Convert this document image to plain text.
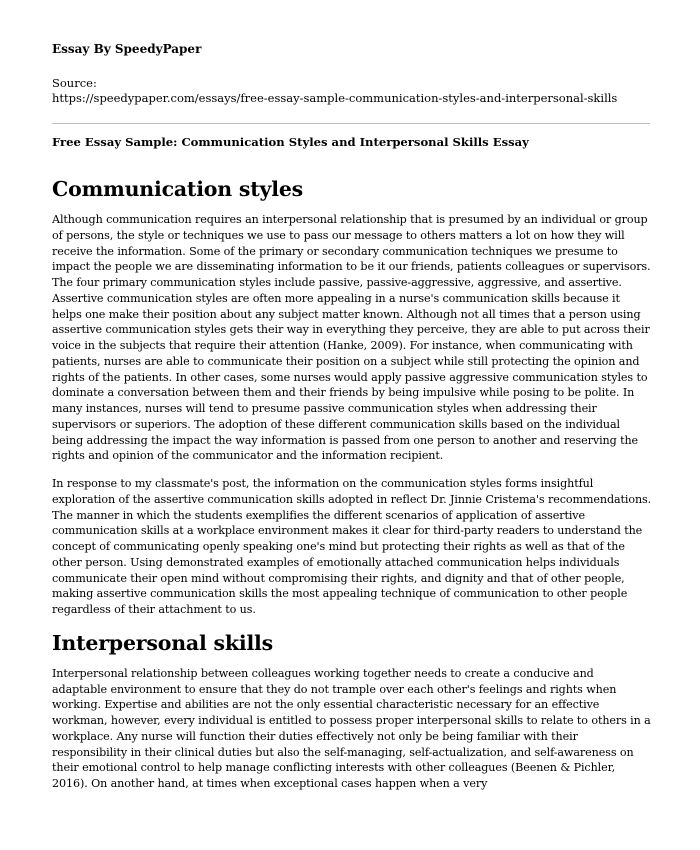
Essay By SpeedyPaper

Source:

https://speedypaper.com/essays/free-essay-sample-communication-styles-and-interpersonal-skills

Free Essay Sample: Communication Styles and Interpersonal Skills Essay

Communication styles

Although communication requires an interpersonal relationship that is presumed by an individual or group of persons, the style or techniques we use to pass our message to others matters a lot on how they will receive the information. Some of the primary or secondary communication techniques we presume to impact the people we are disseminating information to be it our friends, patients colleagues or supervisors. The four primary communication styles include passive, passive-aggressive, aggressive, and assertive. Assertive communication styles are often more appealing in a nurse's communication skills because it helps one make their position about any subject matter known. Although not all times that a person using assertive communication styles gets their way in everything they perceive, they are able to put across their voice in the subjects that require their attention (Hanke, 2009). For instance, when communicating with patients, nurses are able to communicate their position on a subject while still protecting the opinion and rights of the patients. In other cases, some nurses would apply passive aggressive communication styles to dominate a conversation between them and their friends by being impulsive while posing to be polite. In many instances, nurses will tend to presume passive communication styles when addressing their supervisors or superiors. The adoption of these different communication skills based on the individual being addressing the impact the way information is passed from one person to another and reserving the rights and opinion of the communicator and the information recipient.

In response to my classmate's post, the information on the communication styles forms insightful exploration of the assertive communication skills adopted in reflect Dr. Jinnie Cristema's recommendations. The manner in which the students exemplifies the different scenarios of application of assertive communication skills at a workplace environment makes it clear for third-party readers to understand the concept of communicating openly speaking one's mind but protecting their rights as well as that of the other person. Using demonstrated examples of emotionally attached communication helps individuals communicate their open mind without compromising their rights, and dignity and that of other people, making assertive communication skills the most appealing technique of communication to other people regardless of their attachment to us.

Interpersonal skills

Interpersonal relationship between colleagues working together needs to create a conducive and adaptable environment to ensure that they do not trample over each other's feelings and rights when working. Expertise and abilities are not the only essential characteristic necessary for an effective workman, however, every individual is entitled to possess proper interpersonal skills to relate to others in a workplace. Any nurse will function their duties effectively not only be being familiar with their responsibility in their clinical duties but also the self-managing, self-actualization, and self-awareness on their emotional control to help manage conflicting interests with other colleagues (Beenen & Pichler, 2016). On another hand, at times when exceptional cases happen when a very
